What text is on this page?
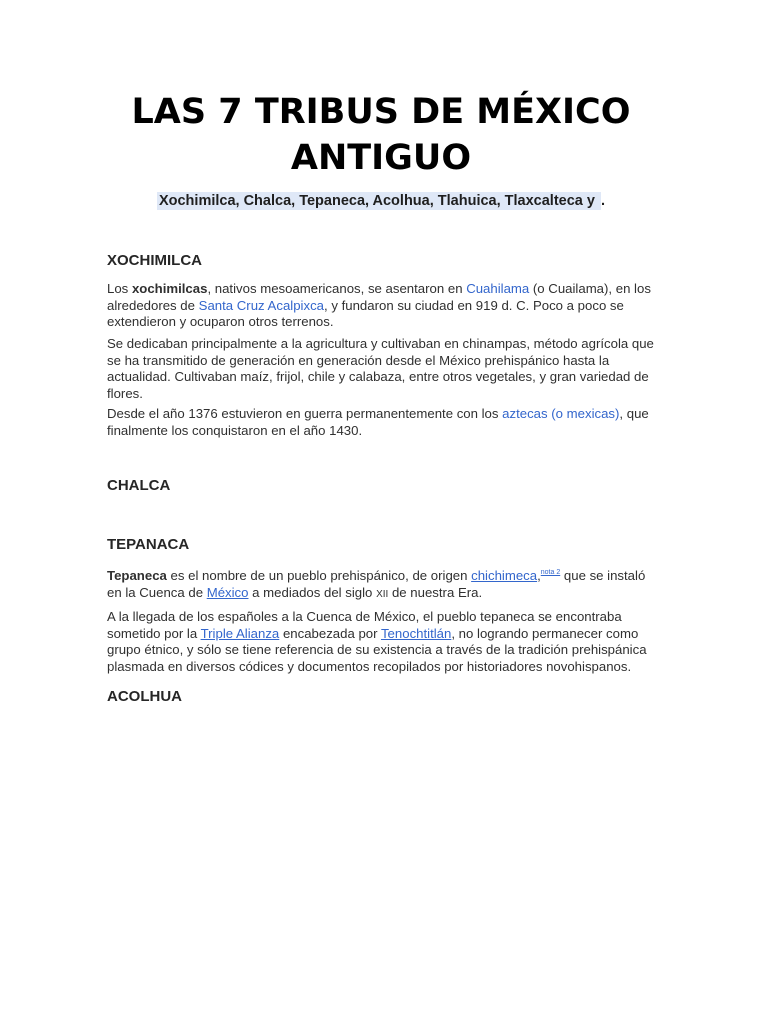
LAS 7 TRIBUS DE MÉXICO ANTIGUO
Xochimilca, Chalca, Tepaneca, Acolhua, Tlahuica, Tlaxcalteca y .
XOCHIMILCA

Los xochimilcas, nativos mesoamericanos, se asentaron en Cuahilama (o Cuailama), en los alrededores de Santa Cruz Acalpixca, y fundaron su ciudad en 919 d. C. Poco a poco se extendieron y ocuparon otros terrenos.

Se dedicaban principalmente a la agricultura y cultivaban en chinampas, método agrícola que se ha transmitido de generación en generación desde el México prehispánico hasta la actualidad. Cultivaban maíz, frijol, chile y calabaza, entre otros vegetales, y gran variedad de flores.

Desde el año 1376 estuvieron en guerra permanentemente con los aztecas (o mexicas), que finalmente los conquistaron en el año 1430.

CHALCA
TEPANACA

Tepaneca es el nombre de un pueblo prehispánico, de origen chichimeca,$^{nota 2}$ que se instaló en la Cuenca de México a mediados del siglo XII de nuestra Era.

A la llegada de los españoles a la Cuenca de México, el pueblo tepaneca se encontraba sometido por la Triple Alianza encabezada por Tenochtitlán, no logrando permanecer como grupo étnico, y sólo se tiene referencia de su existencia a través de la tradición prehispánica plasmada en diversos códices y documentos recopilados por historiadores novohispanos.

ACOLHUA
